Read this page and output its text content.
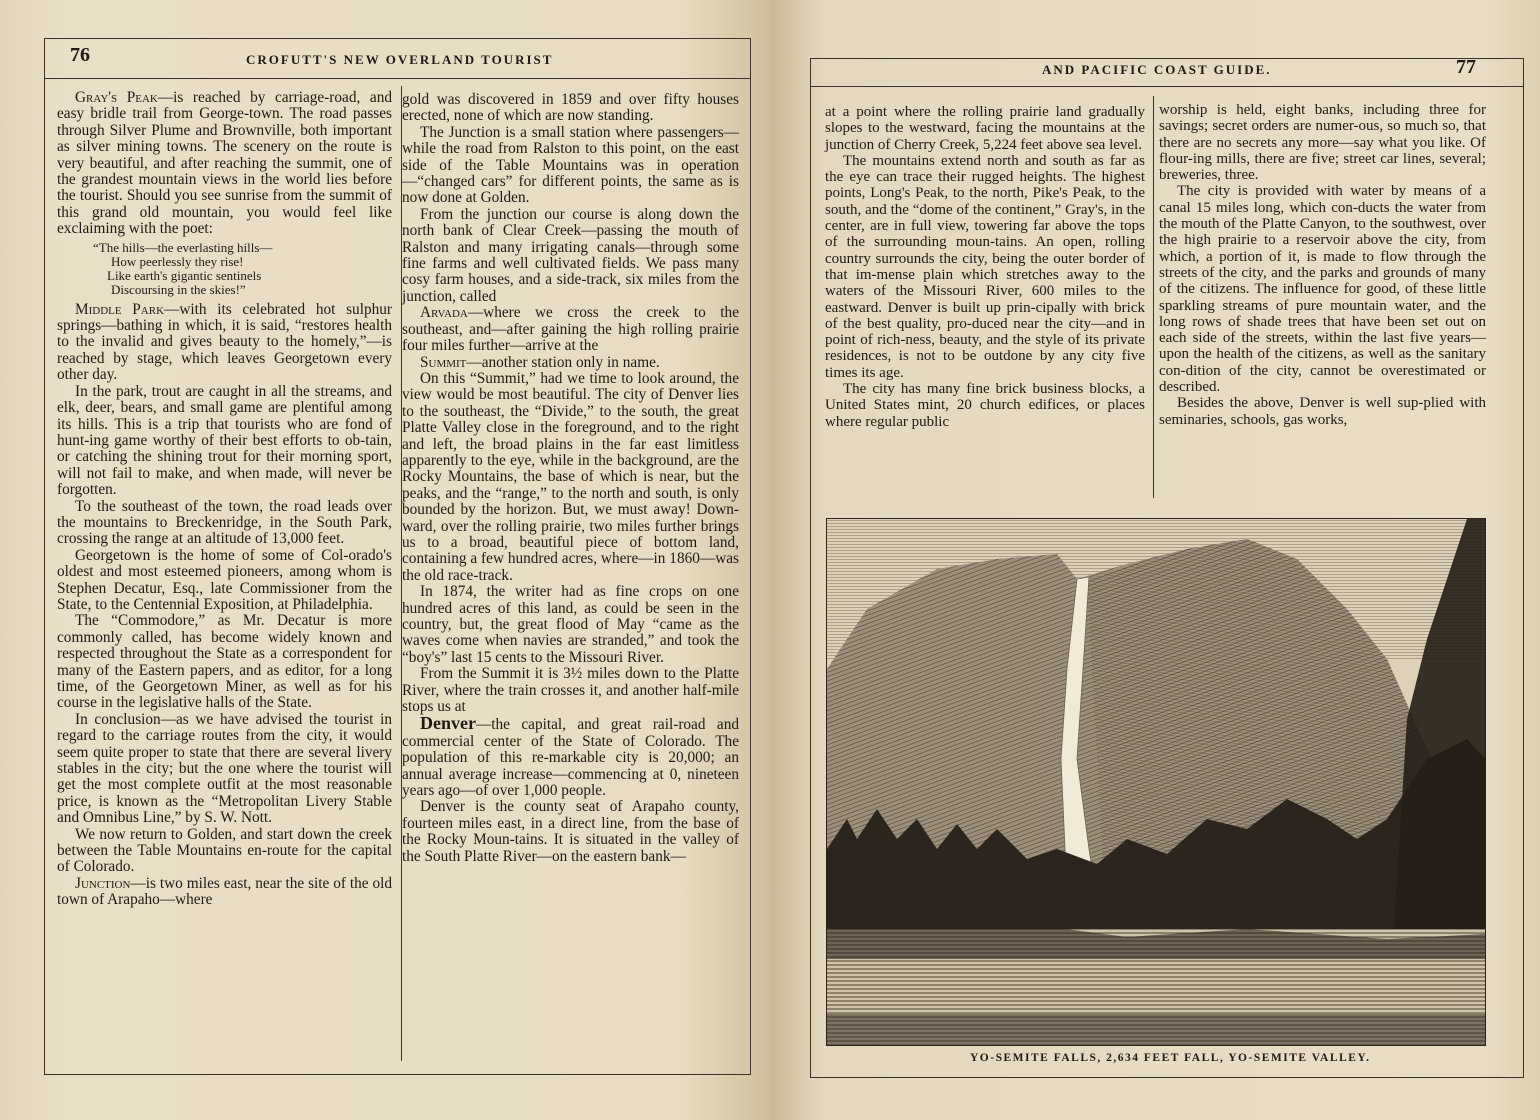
76	CROFUTT'S NEW OVERLAND TOURIST

Gray's Peak—is reached by carriage-road, and easy bridle trail from George-town. The road passes through Silver Plume and Brownville, both important as silver mining towns. The scenery on the route is very beautiful, and after reaching the summit, one of the grandest mountain views in the world lies before the tourist. Should you see sunrise from the summit of this grand old mountain, you would feel like exclaiming with the poet:

“The hills—the everlasting hills—
How peerlessly they rise!
Like earth's gigantic sentinels
Discoursing in the skies!”

Middle Park—with its celebrated hot sulphur springs—bathing in which, it is said, “restores health to the invalid and gives beauty to the homely,”—is reached by stage, which leaves Georgetown every other day.

In the park, trout are caught in all the streams, and elk, deer, bears, and small game are plentiful among its hills. This is a trip that tourists who are fond of hunt-ing game worthy of their best efforts to ob-tain, or catching the shining trout for their morning sport, will not fail to make, and when made, will never be forgotten.

To the southeast of the town, the road leads over the mountains to Breckenridge, in the South Park, crossing the range at an altitude of 13,000 feet.

Georgetown is the home of some of Col-orado's oldest and most esteemed pioneers, among whom is Stephen Decatur, Esq., late Commissioner from the State, to the Centennial Exposition, at Philadelphia.

The “Commodore,” as Mr. Decatur is more commonly called, has become widely known and respected throughout the State as a correspondent for many of the Eastern papers, and as editor, for a long time, of the Georgetown Miner, as well as for his course in the legislative halls of the State.

In conclusion—as we have advised the tourist in regard to the carriage routes from the city, it would seem quite proper to state that there are several livery stables in the city; but the one where the tourist will get the most complete outfit at the most reasonable price, is known as the “Metropolitan Livery Stable and Omnibus Line,” by S. W. Nott.

We now return to Golden, and start down the creek between the Table Mountains en-route for the capital of Colorado.

Junction—is two miles east, near the site of the old town of Arapaho—where

gold was discovered in 1859 and over fifty houses erected, none of which are now standing.

The Junction is a small station where passengers—while the road from Ralston to this point, on the east side of the Table Mountains was in operation—“changed cars” for different points, the same as is now done at Golden.

From the junction our course is along down the north bank of Clear Creek—passing the mouth of Ralston and many irrigating canals—through some fine farms and well cultivated fields. We pass many cosy farm houses, and a side-track, six miles from the junction, called

Arvada—where we cross the creek to the southeast, and—after gaining the high rolling prairie four miles further—arrive at the

Summit—another station only in name.

On this “Summit,” had we time to look around, the view would be most beautiful. The city of Denver lies to the southeast, the “Divide,” to the south, the great Platte Valley close in the foreground, and to the right and left, the broad plains in the far east limitless apparently to the eye, while in the background, are the Rocky Mountains, the base of which is near, but the peaks, and the “range,” to the north and south, is only bounded by the horizon. But, we must away! Down-ward, over the rolling prairie, two miles further brings us to a broad, beautiful piece of bottom land, containing a few hundred acres, where—in 1860—was the old race-track.

In 1874, the writer had as fine crops on one hundred acres of this land, as could be seen in the country, but, the great flood of May “came as the waves come when navies are stranded,” and took the “boy's” last 15 cents to the Missouri River.

From the Summit it is 3½ miles down to the Platte River, where the train crosses it, and another half-mile stops us at

Denver—the capital, and great rail-road and commercial center of the State of Colorado. The population of this re-markable city is 20,000; an annual average increase—commencing at 0, nineteen years ago—of over 1,000 people.

Denver is the county seat of Arapaho county, fourteen miles east, in a direct line, from the base of the Rocky Moun-tains. It is situated in the valley of the South Platte River—on the eastern bank—

AND PACIFIC COAST GUIDE.	77

at a point where the rolling prairie land gradually slopes to the westward, facing the mountains at the junction of Cherry Creek, 5,224 feet above sea level.

The mountains extend north and south as far as the eye can trace their rugged heights. The highest points, Long's Peak, to the north, Pike's Peak, to the south, and the “dome of the continent,” Gray's, in the center, are in full view, towering far above the tops of the surrounding moun-tains. An open, rolling country surrounds the city, being the outer border of that im-mense plain which stretches away to the waters of the Missouri River, 600 miles to the eastward. Denver is built up prin-cipally with brick of the best quality, pro-duced near the city—and in point of rich-ness, beauty, and the style of its private residences, is not to be outdone by any city five times its age.

The city has many fine brick business blocks, a United States mint, 20 church edifices, or places where regular public

worship is held, eight banks, including three for savings; secret orders are numer-ous, so much so, that there are no secrets any more—say what you like. Of flour-ing mills, there are five; street car lines, several; breweries, three.

The city is provided with water by means of a canal 15 miles long, which con-ducts the water from the mouth of the Platte Canyon, to the southwest, over the high prairie to a reservoir above the city, from which, a portion of it, is made to flow through the streets of the city, and the parks and grounds of many of the citizens. The influence for good, of these little sparkling streams of pure mountain water, and the long rows of shade trees that have been set out on each side of the streets, within the last five years—upon the health of the citizens, as well as the sanitary con-dition of the city, cannot be overestimated or described.

Besides the above, Denver is well sup-plied with seminaries, schools, gas works,

YO-SEMITE FALLS, 2,634 FEET FALL, YO-SEMITE VALLEY.
